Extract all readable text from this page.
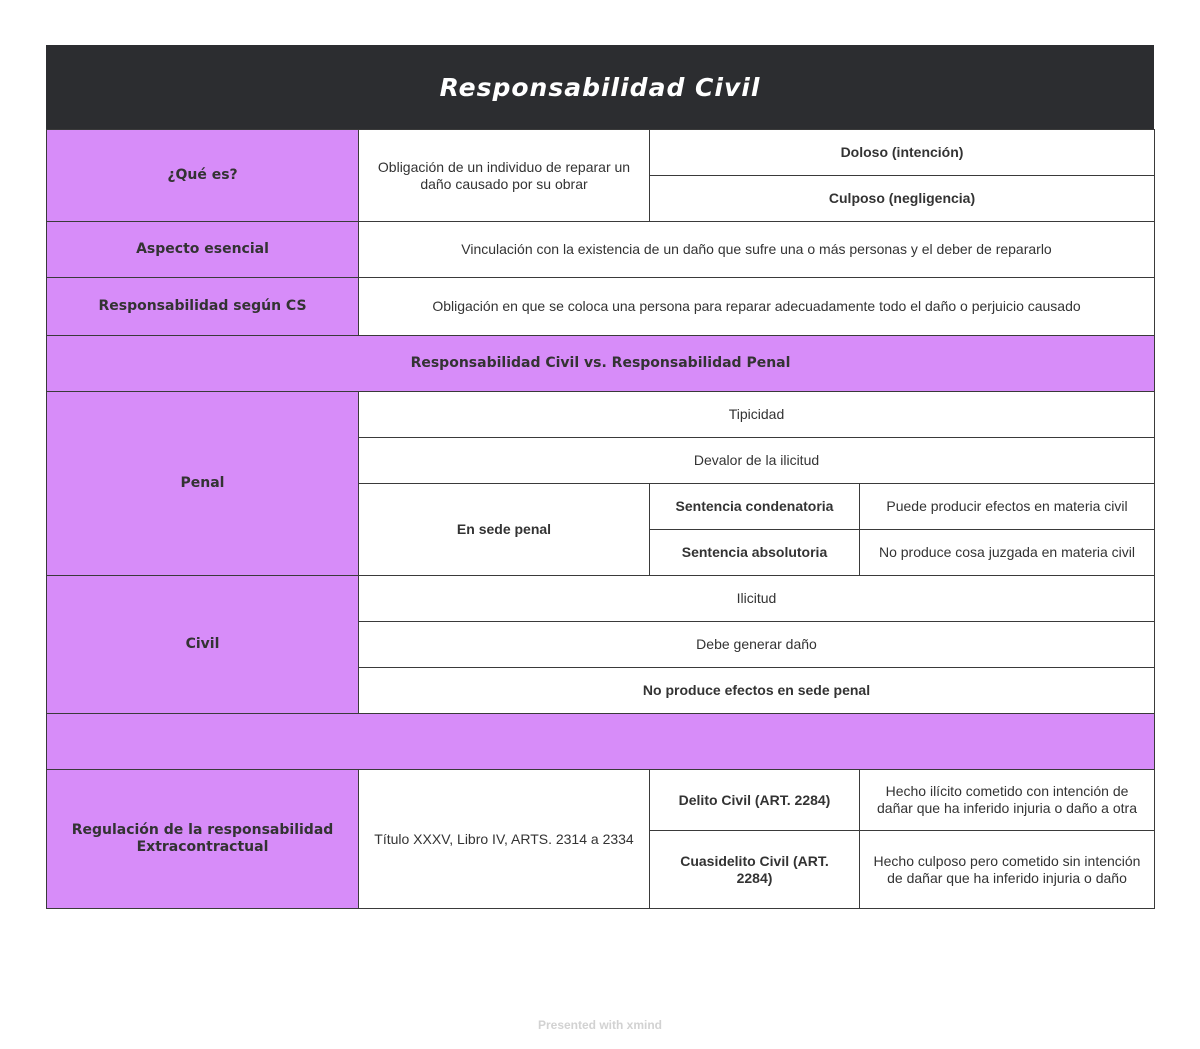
Responsabilidad Civil
¿Qué es?	Obligación de un individuo de reparar un daño causado por su obrar	Doloso (intención)	
		Culposo (negligencia)	
Aspecto esencial	Vinculación con la existencia de un daño que sufre una o más personas y el deber de repararlo		
Responsabilidad según CS	Obligación en que se coloca una persona para reparar adecuadamente todo el daño o perjuicio causado		
Responsabilidad Civil vs. Responsabilidad Penal			
Penal	Tipicidad		
	Devalor de la ilicitud		
	En sede penal	Sentencia condenatoria	Puede producir efectos en materia civil
		Sentencia absolutoria	No produce cosa juzgada en materia civil
Civil	Ilicitud		
	Debe generar daño		
	No produce efectos en sede penal		

Regulación de la responsabilidad Extracontractual	Título XXXV, Libro IV, ARTS. 2314 a 2334	Delito Civil (ART. 2284)	Hecho ilícito cometido con intención de dañar que ha inferido injuria o daño a otra
		Cuasidelito Civil (ART. 2284)	Hecho culposo pero cometido sin intención de dañar que ha inferido injuria o daño
Presented with xmind
